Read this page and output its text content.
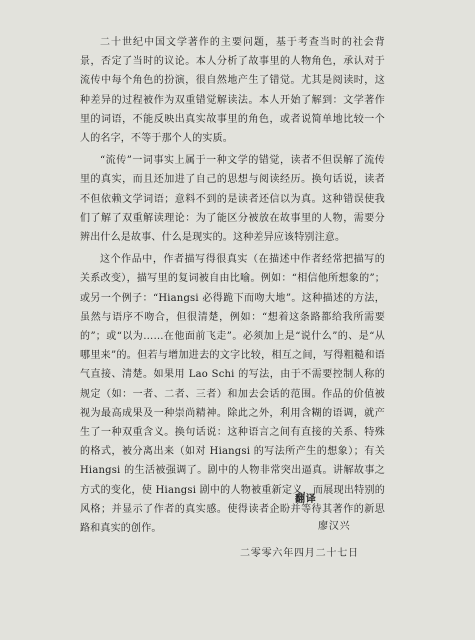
二十世纪中国文学著作的主要问题，基于考查当时的社会背景，否定了当时的议论。本人分析了故事里的人物角色，承认对于流传中每个角色的扮演，很自然地产生了错觉。尤其是阅读时，这种差异的过程被作为双重错觉解读法。本人开始了解到：文学著作里的词语，不能反映出真实故事里的角色，或者说简单地比较一个人的名字，不等于那个人的实质。

“流传”一词事实上属于一种文学的错觉，读者不但误解了流传里的真实，而且还加进了自己的思想与阅读经历。换句话说，读者不但依赖文学词语；意料不到的是读者还信以为真。这种错误使我们了解了双重解读理论：为了能区分被放在故事里的人物，需要分辨出什么是故事、什么是现实的。这种差异应该特别注意。

这个作品中，作者描写得很真实（在描述中作者经常把描写的关系改变），描写里的复词被自由比喻。例如：“相信他所想象的”；或另一个例子：“Hiangsi 必得跪下而吻大地”。这种描述的方法，虽然与语序不吻合，但很清楚，例如：“想着这条路都给我所需要的”；或“以为……在他面前飞走”。必须加上是“说什么”的、是“从哪里来”的。但若与增加进去的文字比较，相互之间，写得粗糙和语气直接、清楚。如果用 Lao Schi 的写法，由于不需要控制人称的规定（如：一者、二者、三者）和加去会话的范围。作品的价值被视为最高成果及一种崇尚精神。除此之外，利用含糊的语调，就产生了一种双重含义。换句话说：这种语言之间有直接的关系、特殊的格式，被分离出来（如对 Hiangsi 的写法所产生的想象）；有关 Hiangsi 的生活被强调了。剧中的人物非常突出逼真。讲解故事之方式的变化，使 Hiangsi 剧中的人物被重新定义，而展现出特别的风格；并显示了作者的真实感。使得读者企盼并等待其著作的新思路和真实的创作。

翻译
廖汉兴
二零零六年四月二十七日
